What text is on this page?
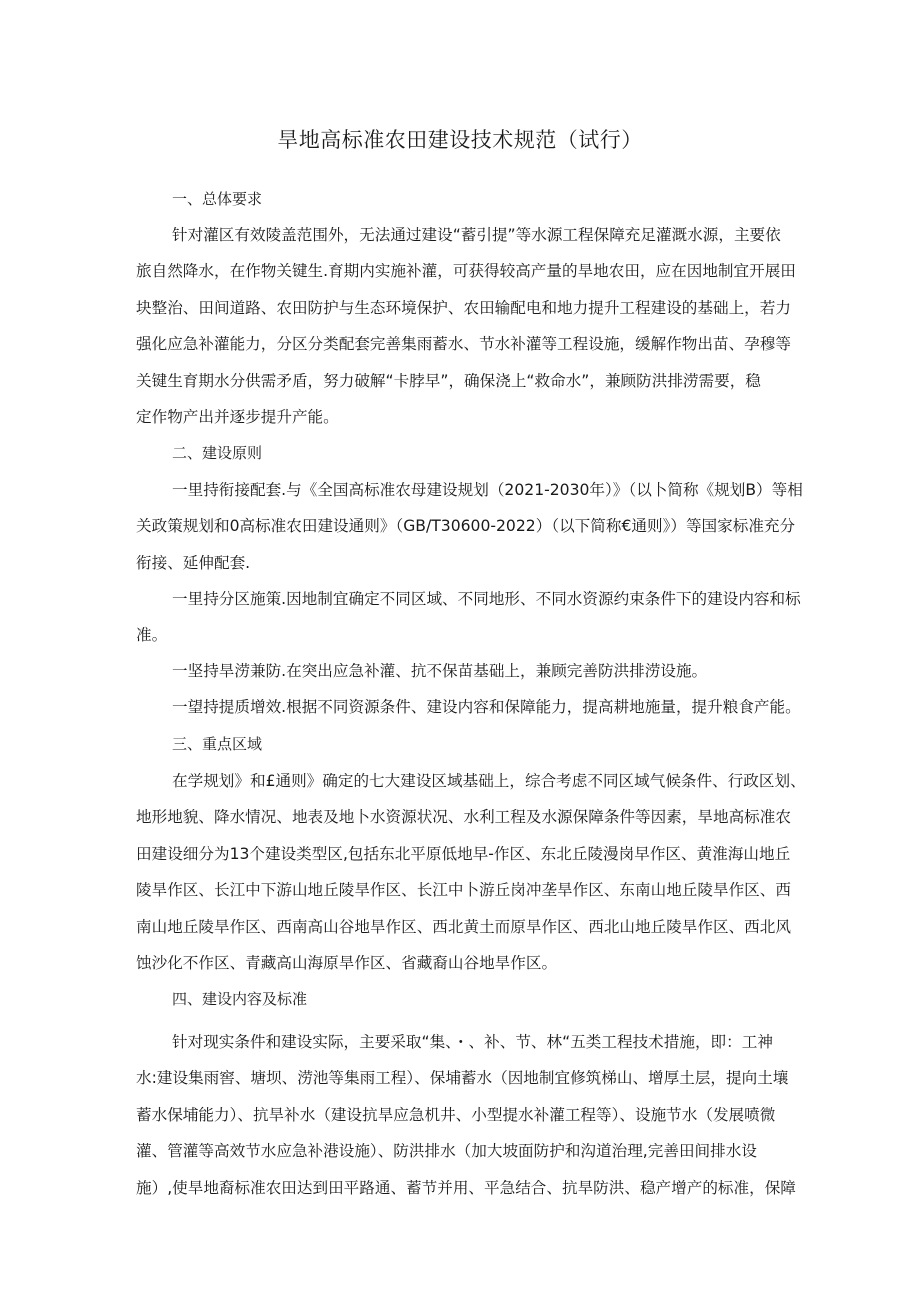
旱地高标准农田建设技术规范（试行）
一、总体要求
针对灌区有效陵盖范围外，无法通过建设“蓄引提”等水源工程保障充足灌溉水源，主要依
旅自然降水，在作物关键生.育期内实施补灌，可获得较高产量的旱地农田，应在因地制宜开展田
块整治、田间道路、农田防护与生态环境保护、农田输配电和地力提升工程建设的基础上，若力
强化应急补灌能力，分区分类配套完善集雨蓄水、节水补灌等工程设施，缓解作物出苗、孕穆等
关键生育期水分供需矛盾，努力破解“卡脖早”，确保浇上“救命水”，兼顾防洪排涝需要，稳
定作物产出并逐步提升产能。
二、建设原则
一里持衔接配套.与《全国高标准农母建设规划（2021-2030年）》（以卜简称《规划B）等相
关政策规划和0高标准农田建设通则》（GB/T30600-2022）（以下简称€通则》）等国家标准充分
衔接、延伸配套.
一里持分区施策.因地制宜确定不同区域、不同地形、不同水资源约束条件下的建设内容和标
准。
一坚持旱涝兼防.在突出应急补灌、抗不保苗基础上，兼顾完善防洪排涝设施。
一望持提质增效.根据不同资源条件、建设内容和保障能力，提高耕地施量，提升粮食产能。
三、重点区域
在学规划》和£通则》确定的七大建设区域基础上，综合考虑不同区域气候条件、行政区划、
地形地貌、降水情况、地表及地卜水资源状况、水利工程及水源保障条件等因素，旱地高标准农
田建设细分为13个建设类型区,包括东北平原低地早-作区、东北丘陵漫岗早作区、黄淮海山地丘
陵旱作区、长江中下游山地丘陵旱作区、长江中卜游丘岗冲垄旱作区、东南山地丘陵旱作区、西
南山地丘陵旱作区、西南高山谷地旱作区、西北黄土而原旱作区、西北山地丘陵旱作区、西北风
蚀沙化不作区、青藏高山海原旱作区、省藏裔山谷地旱作区。
四、建设内容及标准
针对现实条件和建设实际，主要采取“集、・、补、节、林“五类工程技术措施，即：工神
水:建设集雨窖、塘坝、涝池等集雨工程）、保埔蓄水（因地制宜修筑梯山、增厚土层，提向土壤
蓄水保埔能力）、抗旱补水（建设抗旱应急机井、小型提水补灌工程等）、设施节水（发展喷微
灌、管灌等高效节水应急补港设施）、防洪排水（加大坡面防护和沟道治理,完善田间排水设
施）,使旱地裔标准农田达到田平路通、蓄节并用、平急结合、抗旱防洪、稳产增产的标准，保障
